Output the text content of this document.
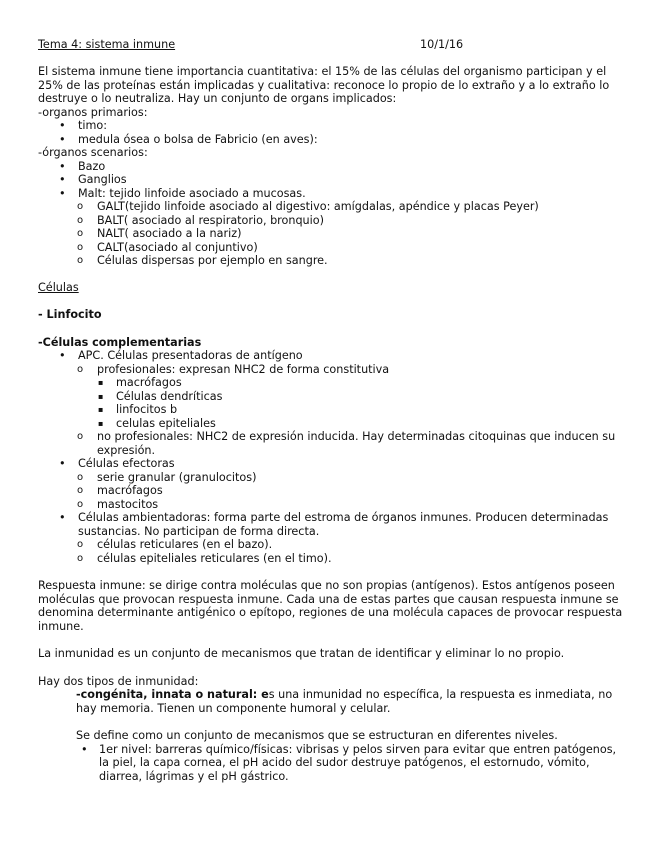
Tema 4: sistema inmune	10/1/16

El sistema inmune tiene importancia cuantitativa: el 15% de las células del organismo participan y el 25% de las proteínas están implicadas y cualitativa: reconoce lo propio de lo extraño y a lo extraño lo destruye o lo neutraliza. Hay un conjunto de organs implicados:

-organos primarios:

• timo:
• medula ósea o bolsa de Fabricio (en aves):

-órganos scenarios:

• Bazo
• Ganglios
• Malt: tejido linfoide asociado a mucosas.
o GALT(tejido linfoide asociado al digestivo: amígdalas, apéndice y placas Peyer)
o BALT( asociado al respiratorio, bronquio)
o NALT( asociado a la nariz)
o CALT(asociado al conjuntivo)
o Células dispersas por ejemplo en sangre.

Células

- Linfocito

-Células complementarias

• APC. Células presentadoras de antígeno
o profesionales: expresan NHC2 de forma constitutiva
▪ macrófagos
▪ Células dendríticas
▪ linfocitos b
▪ celulas epiteliales
o no profesionales: NHC2 de expresión inducida. Hay determinadas citoquinas que inducen su expresión.
• Células efectoras
o serie granular (granulocitos)
o macrófagos
o mastocitos
• Células ambientadoras: forma parte del estroma de órganos inmunes. Producen determinadas sustancias. No participan de forma directa.
o células reticulares (en el bazo).
o células epiteliales reticulares (en el timo).

Respuesta inmune: se dirige contra moléculas que no son propias (antígenos). Estos antígenos poseen moléculas que provocan respuesta inmune. Cada una de estas partes que causan respuesta inmune se denomina determinante antigénico o epítopo, regiones de una molécula capaces de provocar respuesta inmune.

La inmunidad es un conjunto de mecanismos que tratan de identificar y eliminar lo no propio.

Hay dos tipos de inmunidad:

-congénita, innata o natural: es una inmunidad no específica, la respuesta es inmediata, no hay memoria. Tienen un componente humoral y celular.

Se define como un conjunto de mecanismos que se estructuran en diferentes niveles.

• 1er nivel: barreras químico/físicas: vibrisas y pelos sirven para evitar que entren patógenos, la piel, la capa cornea, el pH acido del sudor destruye patógenos, el estornudo, vómito, diarrea, lágrimas y el pH gástrico.
